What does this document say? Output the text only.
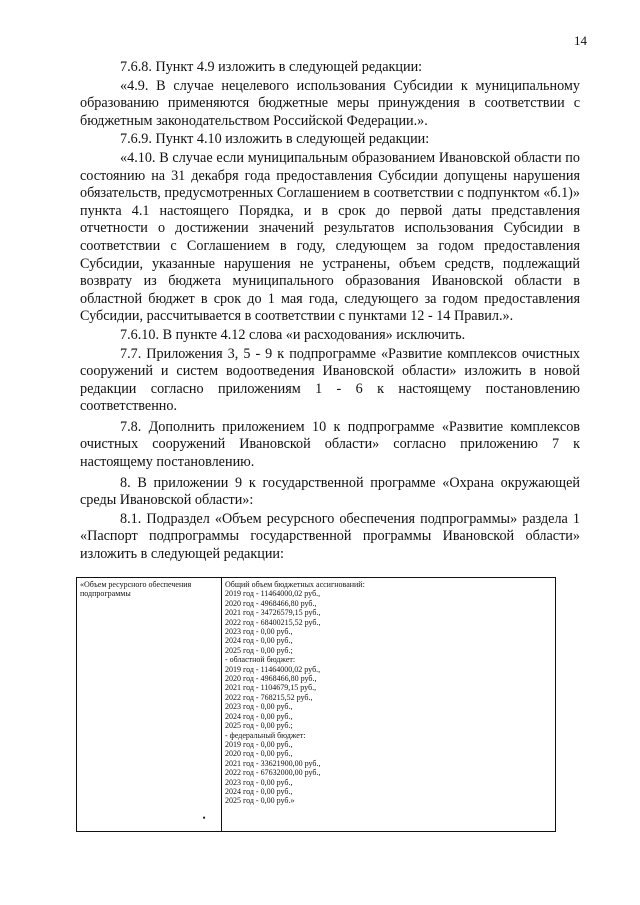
14

7.6.8. Пункт 4.9 изложить в следующей редакции:

«4.9. В случае нецелевого использования Субсидии к муниципальному образованию применяются бюджетные меры принуждения в соответствии с бюджетным законодательством Российской Федерации.».

7.6.9. Пункт 4.10 изложить в следующей редакции:

«4.10. В случае если муниципальным образованием Ивановской области по состоянию на 31 декабря года предоставления Субсидии допущены нарушения обязательств, предусмотренных Соглашением в соответствии с подпунктом «б.1)» пункта 4.1 настоящего Порядка, и в срок до первой даты представления отчетности о достижении значений результатов использования Субсидии в соответствии с Соглашением в году, следующем за годом предоставления Субсидии, указанные нарушения не устранены, объем средств, подлежащий возврату из бюджета муниципального образования Ивановской области в областной бюджет в срок до 1 мая года, следующего за годом предоставления Субсидии, рассчитывается в соответствии с пунктами 12 - 14 Правил.».

7.6.10. В пункте 4.12 слова «и расходования» исключить.

7.7. Приложения 3, 5 - 9 к подпрограмме «Развитие комплексов очистных сооружений и систем водоотведения Ивановской области» изложить в новой редакции согласно приложениям 1 - 6 к настоящему постановлению соответственно.

7.8. Дополнить приложением 10 к подпрограмме «Развитие комплексов очистных сооружений Ивановской области» согласно приложению 7 к настоящему постановлению.

8. В приложении 9 к государственной программе «Охрана окружающей среды Ивановской области»:

8.1. Подраздел «Объем ресурсного обеспечения подпрограммы» раздела 1 «Паспорт подпрограммы государственной программы Ивановской области» изложить в следующей редакции:

«Объем ресурсного обеспечения подпрограммы
•

Общий объем бюджетных ассигнований:
2019 год - 11464000,02 руб.,
2020 год - 4968466,80 руб.,
2021 год - 34726579,15 руб.,
2022 год - 68400215,52 руб.,
2023 год - 0,00 руб.,
2024 год - 0,00 руб.,
2025 год - 0,00 руб.;
- областной бюджет:
2019 год - 11464000,02 руб.,
2020 год - 4968466,80 руб.,
2021 год - 1104679,15 руб.,
2022 год - 768215,52 руб.,
2023 год - 0,00 руб.,
2024 год - 0,00 руб.,
2025 год - 0,00 руб.;
- федеральный бюджет:
2019 год - 0,00 руб.,
2020 год - 0,00 руб.,
2021 год - 33621900,00 руб.,
2022 год - 67632000,00 руб.,
2023 год - 0,00 руб.,
2024 год - 0,00 руб.,
2025 год - 0,00 руб.»
